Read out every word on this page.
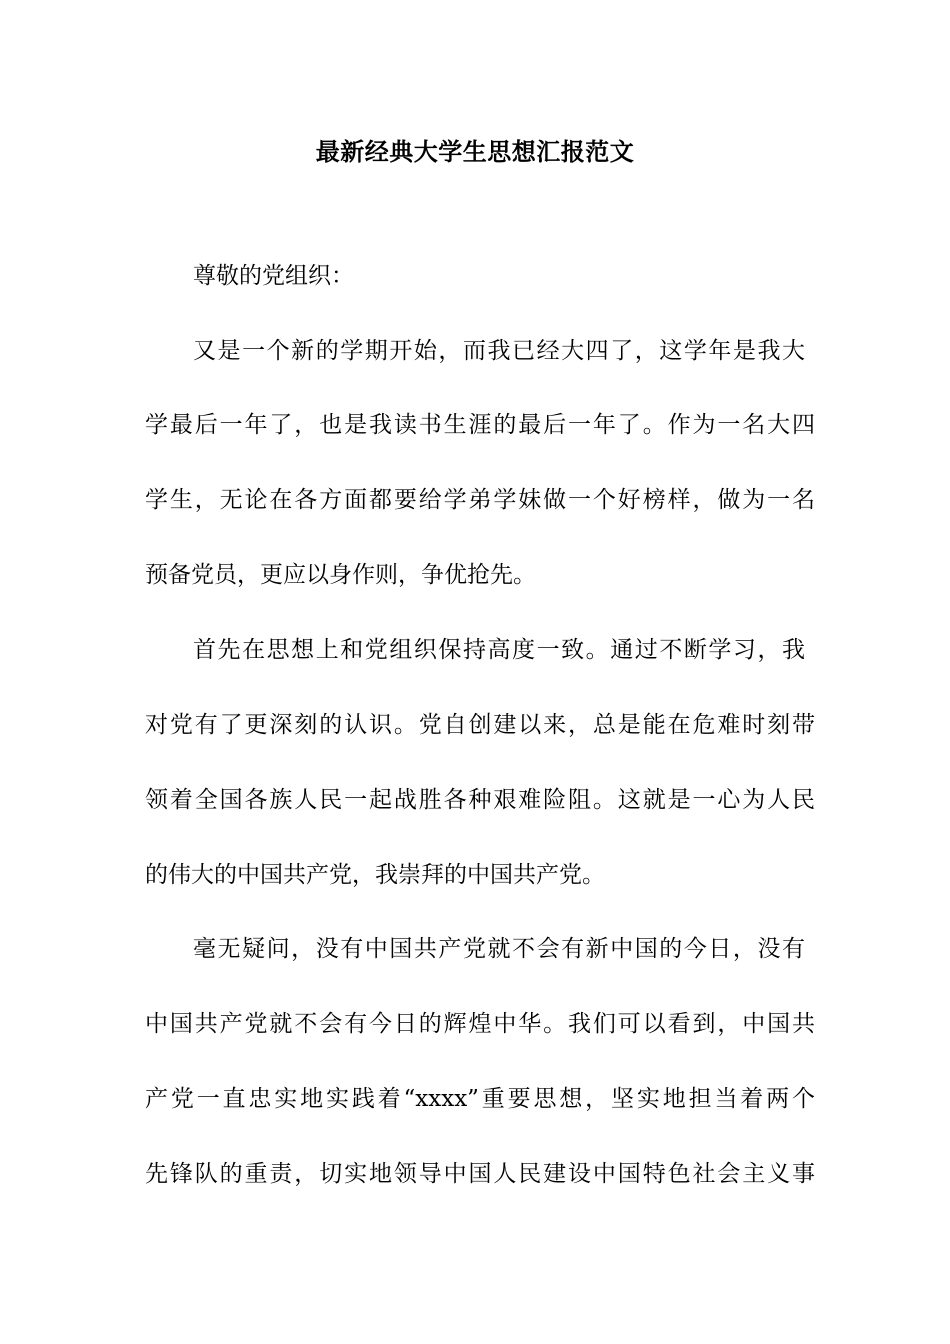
最新经典大学生思想汇报范文
尊敬的党组织：
又是一个新的学期开始，而我已经大四了，这学年是我大
学最后一年了，也是我读书生涯的最后一年了。作为一名大四
学生，无论在各方面都要给学弟学妹做一个好榜样，做为一名
预备党员，更应以身作则，争优抢先。
首先在思想上和党组织保持高度一致。通过不断学习，我
对党有了更深刻的认识。党自创建以来，总是能在危难时刻带
领着全国各族人民一起战胜各种艰难险阻。这就是一心为人民
的伟大的中国共产党，我崇拜的中国共产党。
毫无疑问，没有中国共产党就不会有新中国的今日，没有
中国共产党就不会有今日的辉煌中华。我们可以看到，中国共
产党一直忠实地实践着“xxxx”重要思想，坚实地担当着两个
先锋队的重责，切实地领导中国人民建设中国特色社会主义事
